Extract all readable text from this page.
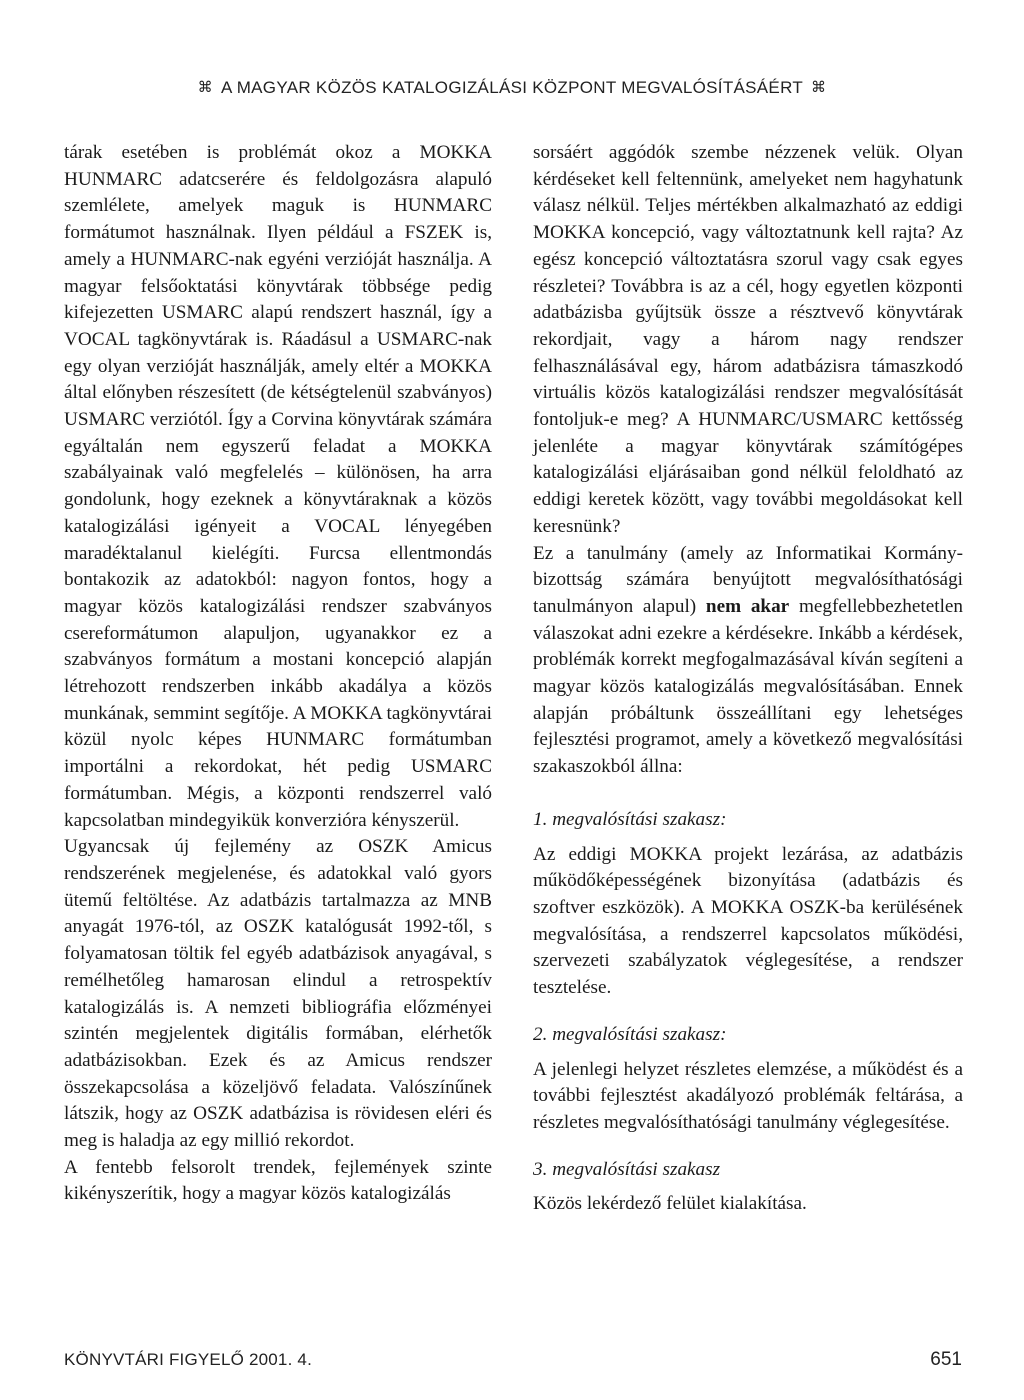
⌘ A MAGYAR KÖZÖS KATALOGIZÁLÁSI KÖZPONT MEGVALÓSÍTÁSÁÉRT ⌘

tárak esetében is problémát okoz a MOKKA HUNMARC adatcserére és feldolgozásra alapuló szemlélete, amelyek maguk is HUNMARC formátumot használnak. Ilyen például a FSZEK is, amely a HUNMARC-nak egyéni verzióját használja. A magyar felsőoktatási könyvtárak többsége pedig kifejezetten USMARC alapú rendszert használ, így a VOCAL tagkönyvtárak is. Ráadásul a USMARC-nak egy olyan verzióját használják, amely eltér a MOKKA által előnyben részesített (de kétségtelenül szabványos) USMARC verziótól. Így a Corvina könyvtárak számára egyáltalán nem egyszerű feladat a MOKKA szabályainak való megfelelés – különösen, ha arra gondolunk, hogy ezeknek a könyvtáraknak a közös katalogizálási igényeit a VOCAL lényegében maradéktalanul kielégíti. Furcsa ellentmondás bontakozik az adatokból: nagyon fontos, hogy a magyar közös katalogizálási rendszer szabványos csereformátumon alapuljon, ugyanakkor ez a szabványos formátum a mostani koncepció alapján létrehozott rendszerben inkább akadálya a közös munkának, semmint segítője. A MOKKA tagkönyvtárai közül nyolc képes HUNMARC formátumban importálni a rekordokat, hét pedig USMARC formátumban. Mégis, a központi rendszerrel való kapcsolatban mindegyikük konverzióra kényszerül.

Ugyancsak új fejlemény az OSZK Amicus rendszerének megjelenése, és adatokkal való gyors ütemű feltöltése. Az adatbázis tartalmazza az MNB anyagát 1976-tól, az OSZK katalógusát 1992-től, s folyamatosan töltik fel egyéb adatbázisok anyagával, s remélhetőleg hamarosan elindul a retrospektív katalogizálás is. A nemzeti bibliográfia előzményei szintén megjelentek digitális formában, elérhetők adatbázisokban. Ezek és az Amicus rendszer összekapcsolása a közeljövő feladata. Valószínűnek látszik, hogy az OSZK adatbázisa is rövidesen eléri és meg is haladja az egy millió rekordot.

A fentebb felsorolt trendek, fejlemények szinte kikényszerítik, hogy a magyar közös katalogizálás

sorsáért aggódók szembe nézzenek velük. Olyan kérdéseket kell feltennünk, amelyeket nem hagyhatunk válasz nélkül. Teljes mértékben alkalmazható az eddigi MOKKA koncepció, vagy változtatnunk kell rajta? Az egész koncepció változtatásra szorul vagy csak egyes részletei? Továbbra is az a cél, hogy egyetlen központi adatbázisba gyűjtsük össze a résztvevő könyvtárak rekordjait, vagy a három nagy rendszer felhasználásával egy, három adatbázisra támaszkodó virtuális közös katalogizálási rendszer megvalósítását fontoljuk-e meg? A HUNMARC/USMARC kettősség jelenléte a magyar könyvtárak számítógépes katalogizálási eljárásaiban gond nélkül feloldható az eddigi keretek között, vagy további megoldásokat kell keresnünk?

Ez a tanulmány (amely az Informatikai Kormány-bizottság számára benyújtott megvalósíthatósági tanulmányon alapul) nem akar megfellebbezhetetlen válaszokat adni ezekre a kérdésekre. Inkább a kérdések, problémák korrekt megfogalmazásával kíván segíteni a magyar közös katalogizálás megvalósításában. Ennek alapján próbáltunk összeállítani egy lehetséges fejlesztési programot, amely a következő megvalósítási szakaszokból állna:

1. megvalósítási szakasz:

Az eddigi MOKKA projekt lezárása, az adatbázis működőképességének bizonyítása (adatbázis és szoftver eszközök). A MOKKA OSZK-ba kerülésének megvalósítása, a rendszerrel kapcsolatos működési, szervezeti szabályzatok véglegesítése, a rendszer tesztelése.

2. megvalósítási szakasz:

A jelenlegi helyzet részletes elemzése, a működést és a további fejlesztést akadályozó problémák feltárása, a részletes megvalósíthatósági tanulmány véglegesítése.

3. megvalósítási szakasz

Közös lekérdező felület kialakítása.

KÖNYVTÁRI FIGYELŐ 2001. 4.	651
